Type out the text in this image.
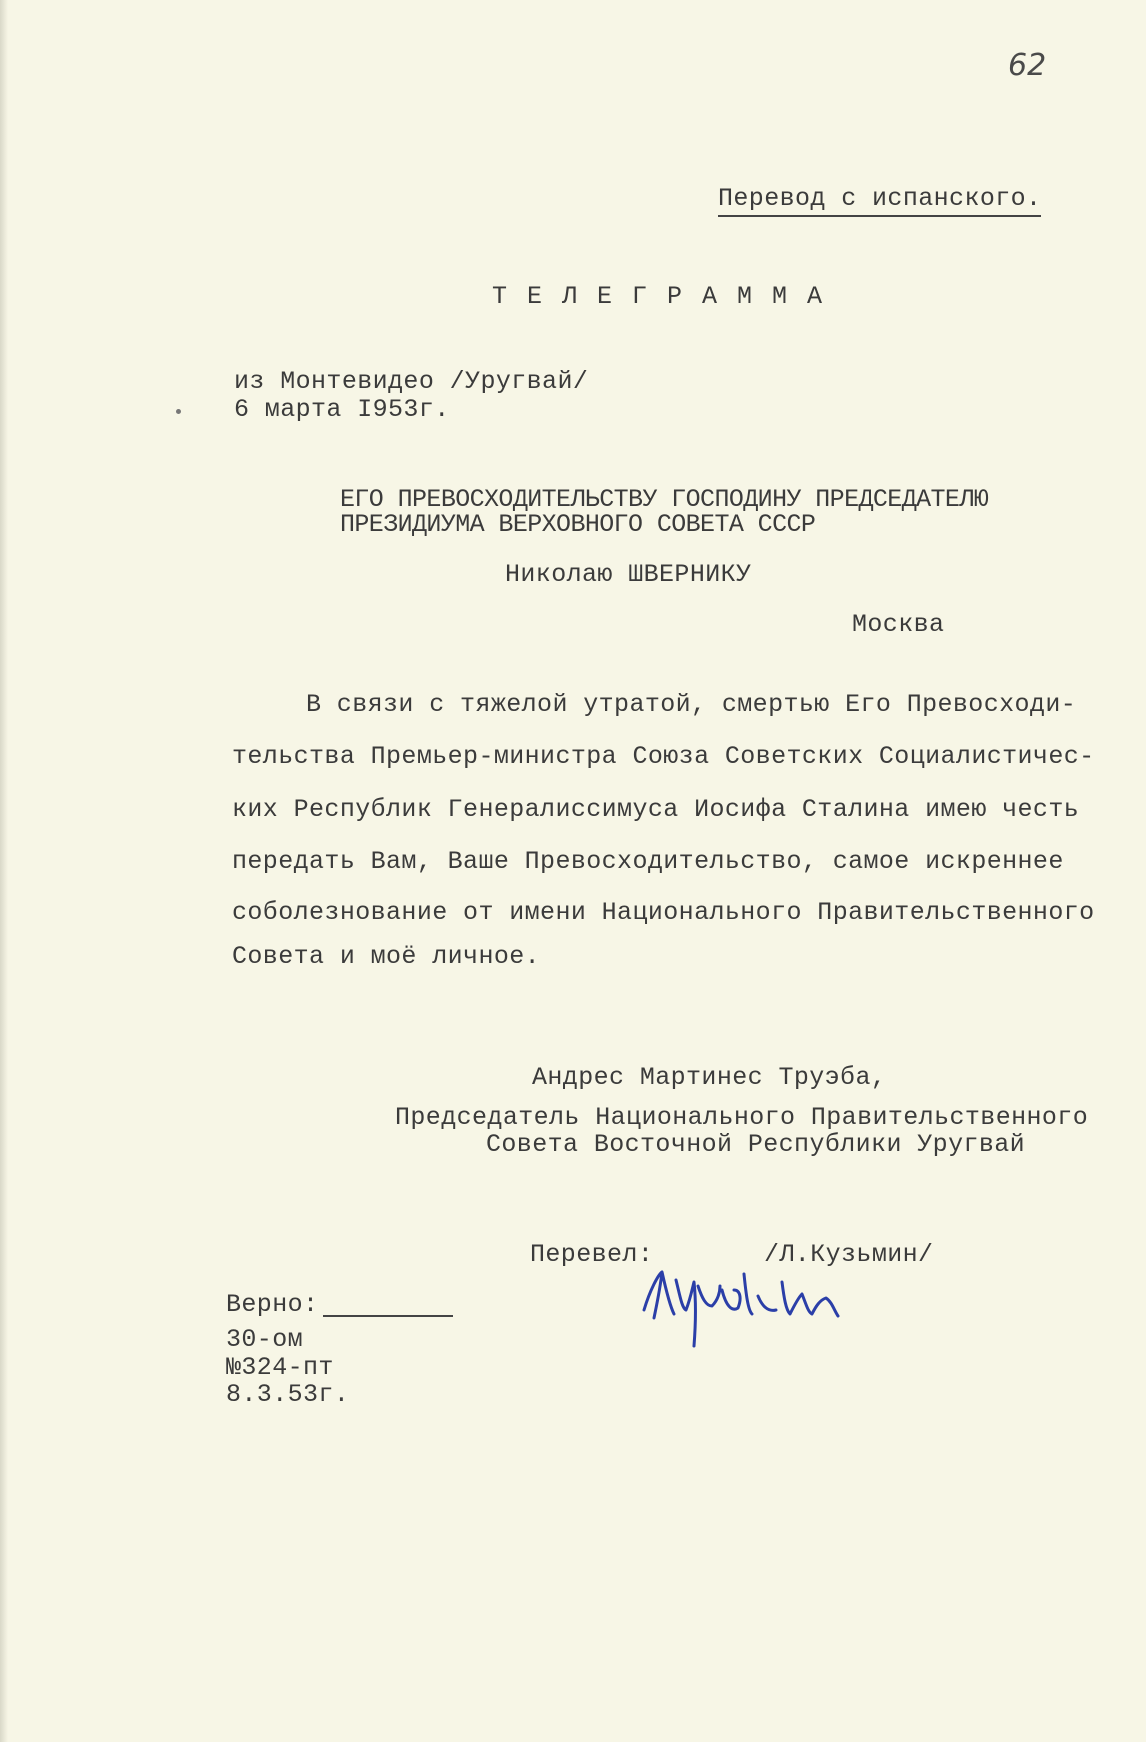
62
Перевод с испанского.
ТЕЛЕГРАММА
из Монтевидео /Уругвай/
6 марта I953г.
ЕГО ПРЕВОСХОДИТЕЛЬСТВУ ГОСПОДИНУ ПРЕДСЕДАТЕЛЮ
ПРЕЗИДИУМА ВЕРХОВНОГО СОВЕТА СССР
Николаю ШВЕРНИКУ
Москва
В связи с тяжелой утратой, смертью Его Превосходи-
тельства Премьер-министра Союза Советских Социалистичес-
ких Республик Генералиссимуса Иосифа Сталина имею честь
передать Вам, Ваше Превосходительство, самое искреннее
соболезнование от имени Национального Правительственного
Совета и моё личное.
Андрес Мартинес Труэба,
Председатель Национального Правительственного
Совета Восточной Республики Уругвай
Перевел:	/Л.Кузьмин/
Верно:
30-ом
№324-пт
8.3.53г.
